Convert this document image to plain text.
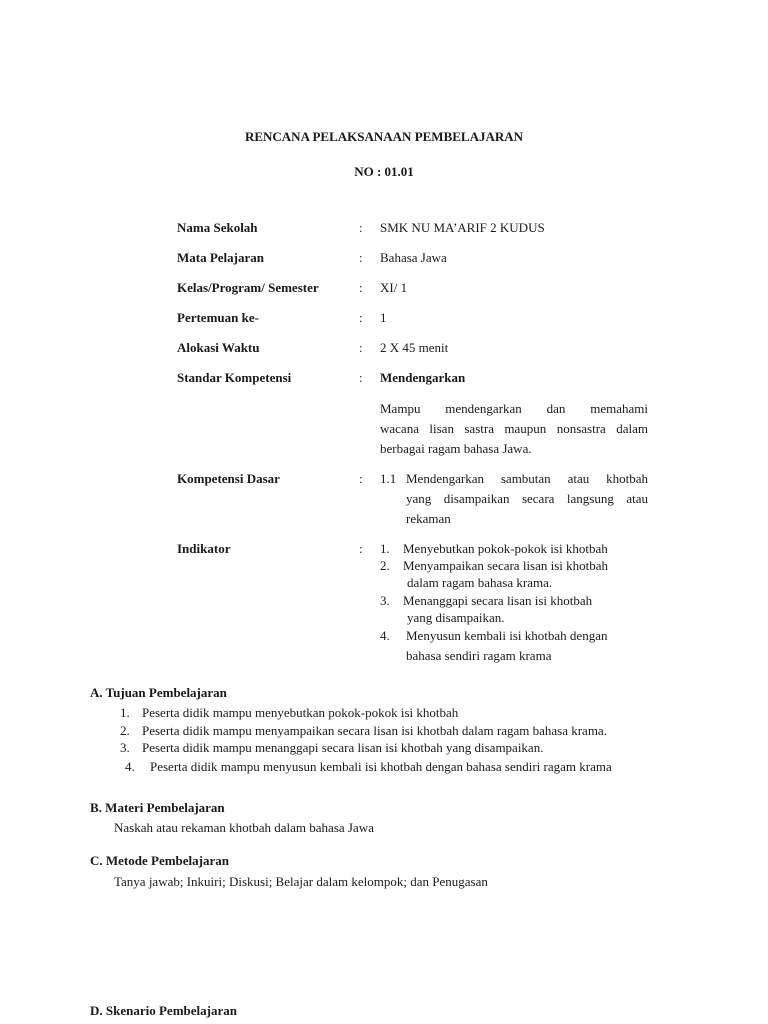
RENCANA PELAKSANAAN PEMBELAJARAN
NO : 01.01
Nama Sekolah	: SMK NU MA’ARIF 2 KUDUS
Mata Pelajaran	: Bahasa Jawa
Kelas/Program/ Semester	: XI/ 1
Pertemuan ke-	: 1
Alokasi Waktu	: 2 X 45 menit
Standar Kompetensi	: Mendengarkan
Mampu mendengarkan dan memahami
wacana lisan sastra maupun nonsastra dalam
berbagai ragam bahasa Jawa.
Kompetensi Dasar	: 1.1 Mendengarkan sambutan atau khotbah
yang disampaikan secara langsung atau
rekaman
Indikator	: 1. Menyebutkan pokok-pokok isi khotbah
2. Menyampaikan secara lisan isi khotbah
dalam ragam bahasa krama.
3. Menanggapi secara lisan isi khotbah
yang disampaikan.
4. Menyusun kembali isi khotbah dengan
bahasa sendiri ragam krama
A. Tujuan Pembelajaran
1. Peserta didik mampu menyebutkan pokok-pokok isi khotbah
2. Peserta didik mampu menyampaikan secara lisan isi khotbah dalam ragam bahasa krama.
3. Peserta didik mampu menanggapi secara lisan isi khotbah yang disampaikan.
4. Peserta didik mampu menyusun kembali isi khotbah dengan bahasa sendiri ragam krama
B. Materi Pembelajaran
Naskah atau rekaman khotbah dalam bahasa Jawa
C. Metode Pembelajaran
Tanya jawab; Inkuiri; Diskusi; Belajar dalam kelompok; dan Penugasan
D. Skenario Pembelajaran
